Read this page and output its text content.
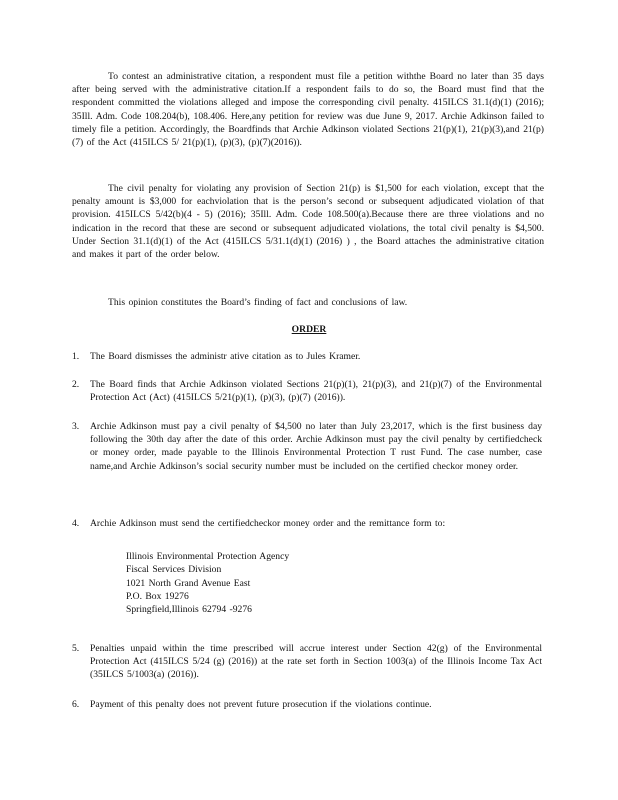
To contest an administrative citation, a respondent must file a petition withthe Board no later than 35 days after being served with the administrative citation.If a respondent fails to do so, the Board must find that the respondent committed the violations alleged and impose the corresponding civil penalty. 415ILCS 31.1(d)(1) (2016); 35Ill. Adm. Code 108.204(b), 108.406. Here,any petition for review was due June 9, 2017. Archie Adkinson failed to timely file a petition. Accordingly, the Boardfinds that Archie Adkinson violated Sections 21(p)(1), 21(p)(3),and 21(p)(7) of the Act (415ILCS 5/ 21(p)(1), (p)(3), (p)(7)(2016)).

The civil penalty for violating any provision of Section 21(p) is $1,500 for each violation, except that the penalty amount is $3,000 for eachviolation that is the person’s second or subsequent adjudicated violation of that provision. 415ILCS 5/42(b)(4 - 5) (2016); 35Ill. Adm. Code 108.500(a).Because there are three violations and no indication in the record that these are second or subsequent adjudicated violations, the total civil penalty is $4,500. Under Section 31.1(d)(1) of the Act (415ILCS 5/31.1(d)(1) (2016) ) , the Board attaches the administrative citation and makes it part of the order below.

This opinion constitutes the Board’s finding of fact and conclusions of law.

ORDER

1.	The Board dismisses the administr ative citation as to Jules Kramer.
2.	The Board finds that Archie Adkinson violated Sections 21(p)(1), 21(p)(3), and 21(p)(7) of the Environmental Protection Act (Act) (415ILCS 5/21(p)(1), (p)(3), (p)(7) (2016)).
3.	Archie Adkinson must pay a civil penalty of $4,500 no later than July 23,2017, which is the first business day following the 30th day after the date of this order. Archie Adkinson must pay the civil penalty by certifiedcheck or money order, made payable to the Illinois Environmental Protection T rust Fund. The case number, case name,and Archie Adkinson’s social security number must be included on the certified checkor money order.
4.	Archie Adkinson must send the certifiedcheckor money order and the remittance form to:
Illinois Environmental Protection Agency
Fiscal Services Division
1021 North Grand Avenue East
P.O. Box 19276
Springfield,Illinois 62794 -9276
5.	Penalties unpaid within the time prescribed will accrue interest under Section 42(g) of the Environmental Protection Act (415ILCS 5/24 (g) (2016)) at the rate set forth in Section 1003(a) of the Illinois Income Tax Act (35ILCS 5/1003(a) (2016)).
6.	Payment of this penalty does not prevent future prosecution if the violations continue.
